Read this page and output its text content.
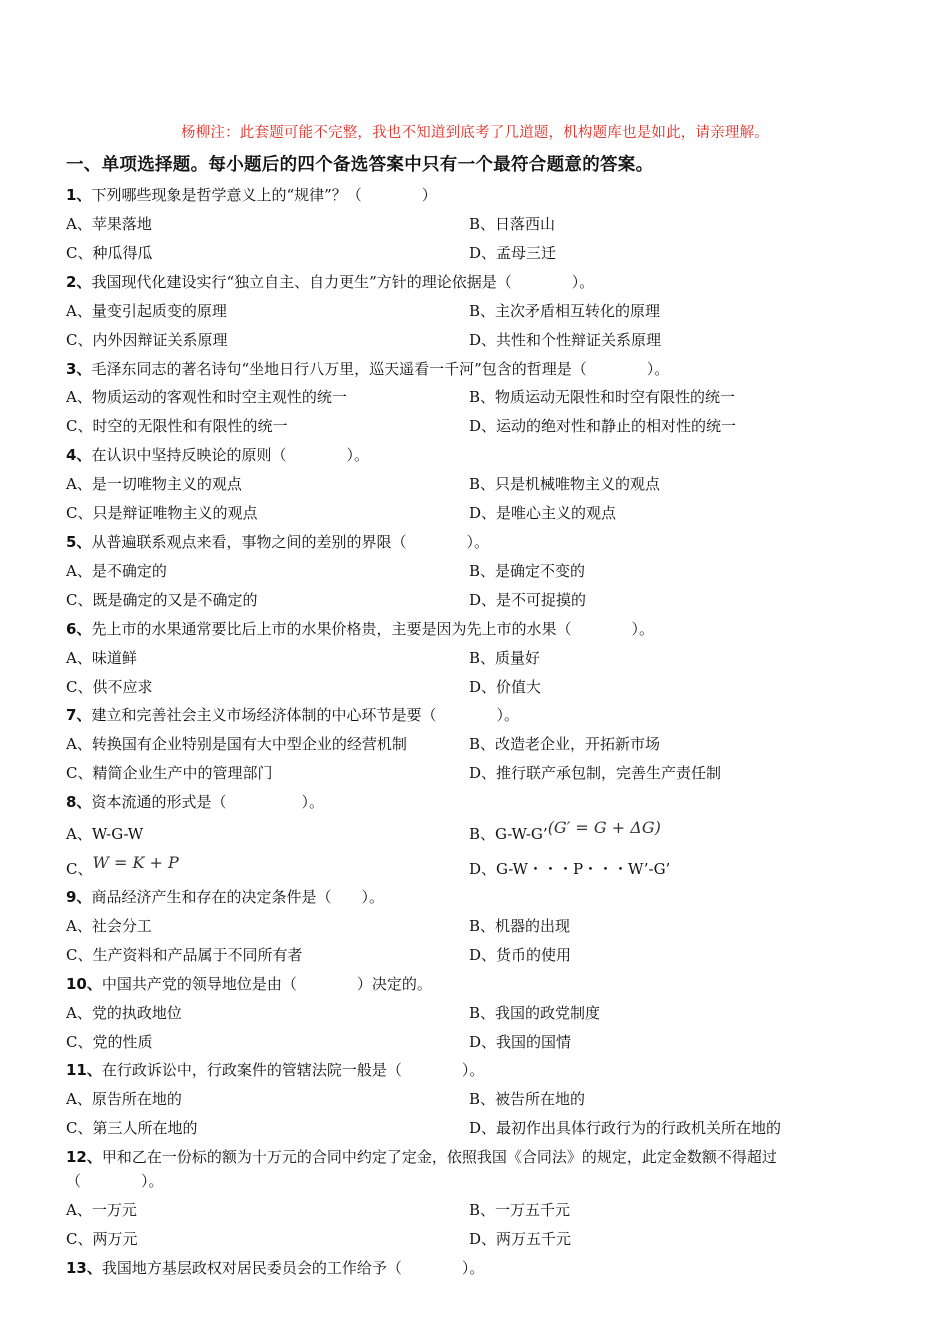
杨柳注：此套题可能不完整，我也不知道到底考了几道题，机构题库也是如此，请亲理解。
一、单项选择题。每小题后的四个备选答案中只有一个最符合题意的答案。
1、下列哪些现象是哲学意义上的“规律”？（　　　　）
A、苹果落地	B、日落西山
C、种瓜得瓜	D、孟母三迁
2、我国现代化建设实行“独立自主、自力更生”方针的理论依据是（　　　　）。
A、量变引起质变的原理	B、主次矛盾相互转化的原理
C、内外因辩证关系原理	D、共性和个性辩证关系原理
3、毛泽东同志的著名诗句“坐地日行八万里，巡天遥看一千河”包含的哲理是（　　　　）。
A、物质运动的客观性和时空主观性的统一	B、物质运动无限性和时空有限性的统一
C、时空的无限性和有限性的统一	D、运动的绝对性和静止的相对性的统一
4、在认识中坚持反映论的原则（　　　　）。
A、是一切唯物主义的观点	B、只是机械唯物主义的观点
C、只是辩证唯物主义的观点	D、是唯心主义的观点
5、从普遍联系观点来看，事物之间的差别的界限（　　　　）。
A、是不确定的	B、是确定不变的
C、既是确定的又是不确定的	D、是不可捉摸的
6、先上市的水果通常要比后上市的水果价格贵，主要是因为先上市的水果（　　　　）。
A、味道鲜	B、质量好
C、供不应求	D、价值大
7、建立和完善社会主义市场经济体制的中心环节是要（　　　　）。
A、转换国有企业特别是国有大中型企业的经营机制	B、改造老企业，开拓新市场
C、精简企业生产中的管理部门	D、推行联产承包制，完善生产责任制
8、资本流通的形式是（　　　　　）。
A、W-G-W	B、G-W-G’(G′ = G + ΔG)
C、W = K + P	D、G-W・・・P・・・W’-G’
9、商品经济产生和存在的决定条件是（　　）。
A、社会分工	B、机器的出现
C、生产资料和产品属于不同所有者	D、货币的使用
10、中国共产党的领导地位是由（　　　　）决定的。
A、党的执政地位	B、我国的政党制度
C、党的性质	D、我国的国情
11、在行政诉讼中，行政案件的管辖法院一般是（　　　　）。
A、原告所在地的	B、被告所在地的
C、第三人所在地的	D、最初作出具体行政行为的行政机关所在地的
12、甲和乙在一份标的额为十万元的合同中约定了定金，依照我国《合同法》的规定，此定金数额不得超过
（　　　　）。
A、一万元	B、一万五千元
C、两万元	D、两万五千元
13、我国地方基层政权对居民委员会的工作给予（　　　　）。
